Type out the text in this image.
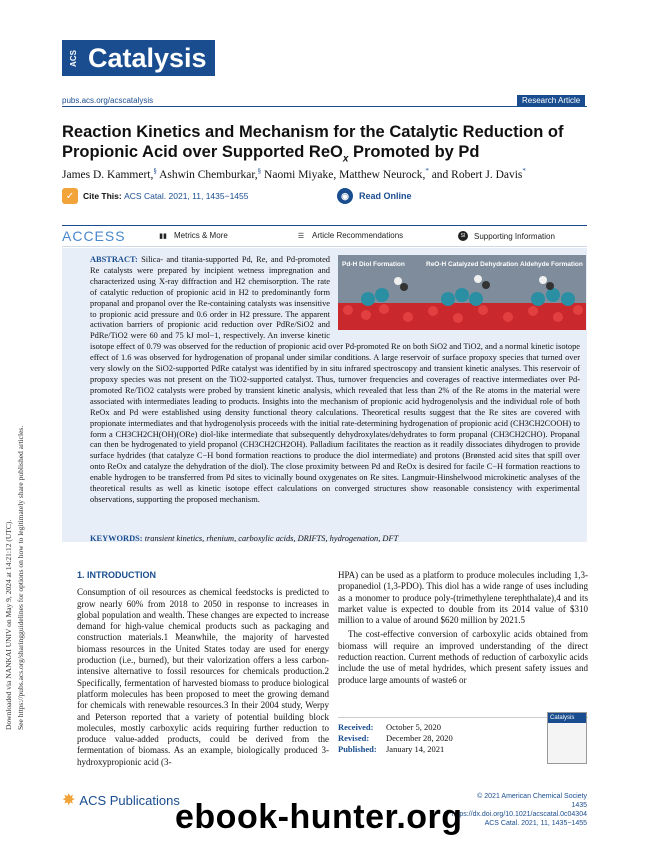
Downloaded via NANKAI UNIV on May 9, 2024 at 14:21:12 (UTC). See https://pubs.acs.org/sharingguidelines for options on how to legitimately share published articles.
ACS Catalysis
pubs.acs.org/acscatalysis	Research Article
Reaction Kinetics and Mechanism for the Catalytic Reduction of Propionic Acid over Supported ReO$_x$ Promoted by Pd
James D. Kammert,§ Ashwin Chemburkar,§ Naomi Miyake, Matthew Neurock,* and Robert J. Davis*
✓	Cite This:
ACS Catal. 2021, 11, 1435−1455	◉	Read Online
ACCESS	▮▮ Metrics & More	☰ Article Recommendations	SI	Supporting Information
Pd-H Diol Formation	ReO-H Catalyzed Dehydration Aldehyde Formation
ABSTRACT: Silica- and titania-supported Pd, Re, and Pd-promoted Re catalysts were prepared by incipient wetness impregnation and characterized using X-ray diffraction and H2 chemisorption. The rate of catalytic reduction of propionic acid in H2 to predominantly form propanal and propanol over the Re-containing catalysts was insensitive to propionic acid pressure and 0.6 order in H2 pressure. The apparent activation barriers of propionic acid reduction over PdRe/SiO2 and PdRe/TiO2 were 60 and 75 kJ mol−1, respectively. An inverse kinetic isotope effect of 0.79 was observed for the reduction of propionic acid over Pd-promoted Re on both SiO2 and TiO2, and a normal kinetic isotope effect of 1.6 was observed for hydrogenation of propanal under similar conditions. A large reservoir of surface propoxy species that turned over very slowly on the SiO2-supported PdRe catalyst was identified by in situ infrared spectroscopy and transient kinetic analyses. This reservoir of propoxy species was not present on the TiO2-supported catalyst. Thus, turnover frequencies and coverages of reactive intermediates over Pd-promoted Re/TiO2 catalysts were probed by transient kinetic analysis, which revealed that less than 2% of the Re atoms in the material were associated with intermediates leading to products. Insights into the mechanism of propionic acid hydrogenolysis and the individual role of both ReOx and Pd were established using density functional theory calculations. Theoretical results suggest that the Re sites are covered with propionate intermediates and that hydrogenolysis proceeds with the initial rate-determining hydrogenation of propionic acid (CH3CH2COOH) to form a CH3CH2CH(OH)(ORe) diol-like intermediate that subsequently dehydroxylates/dehydrates to form propanal (CH3CH2CHO). Propanal can then be hydrogenated to yield propanol (CH3CH2CH2OH). Palladium facilitates the reaction as it readily dissociates dihydrogen to provide surface hydrides (that catalyze C−H bond formation reactions to produce the diol intermediate) and protons (Brønsted acid sites that spill over onto ReOx and catalyze the dehydration of the diol). The close proximity between Pd and ReOx is desired for facile C−H formation reactions to enable hydrogen to be transferred from Pd sites to vicinally bound oxygenates on Re sites. Langmuir-Hinshelwood microkinetic analyses of the theoretical results as well as kinetic isotope effect calculations on converged structures show reasonable consistency with experimental observations, supporting the proposed mechanism.
KEYWORDS: transient kinetics, rhenium, carboxylic acids, DRIFTS, hydrogenation, DFT
1. INTRODUCTION
Consumption of oil resources as chemical feedstocks is predicted to grow nearly 60% from 2018 to 2050 in response to increases in global population and wealth. These changes are expected to increase demand for high-value chemical products such as packaging and construction materials.1 Meanwhile, the majority of harvested biomass resources in the United States today are used for energy production (i.e., burned), but their valorization offers a less carbon-intensive alternative to fossil resources for chemicals production.2 Specifically, fermentation of harvested biomass to produce biological platform molecules has been proposed to meet the growing demand for chemicals with renewable resources.3 In their 2004 study, Werpy and Peterson reported that a variety of potential building block molecules, mostly carboxylic acids requiring further reduction to produce value-added products, could be derived from the fermentation of biomass. As an example, biologically produced 3-hydroxypropionic acid (3-
HPA) can be used as a platform to produce molecules including 1,3-propanediol (1,3-PDO). This diol has a wide range of uses including as a monomer to produce poly-(trimethylene terephthalate),4 and its market value is expected to double from its 2014 value of $310 million to a value of around $620 million by 2021.5
The cost-effective conversion of carboxylic acids obtained from biomass will require an improved understanding of the direct reduction reaction. Current methods of reduction of carboxylic acids include the use of metal hydrides, which present safety issues and produce large amounts of waste6 or
Received: October 5, 2020
Revised: December 28, 2020
Published: January 14, 2021
Catalysis
✸ ACS Publications	© 2021 American Chemical Society
1435
https://dx.doi.org/10.1021/acscatal.0c04304
ACS Catal. 2021, 11, 1435−1455
ebook-hunter.org
